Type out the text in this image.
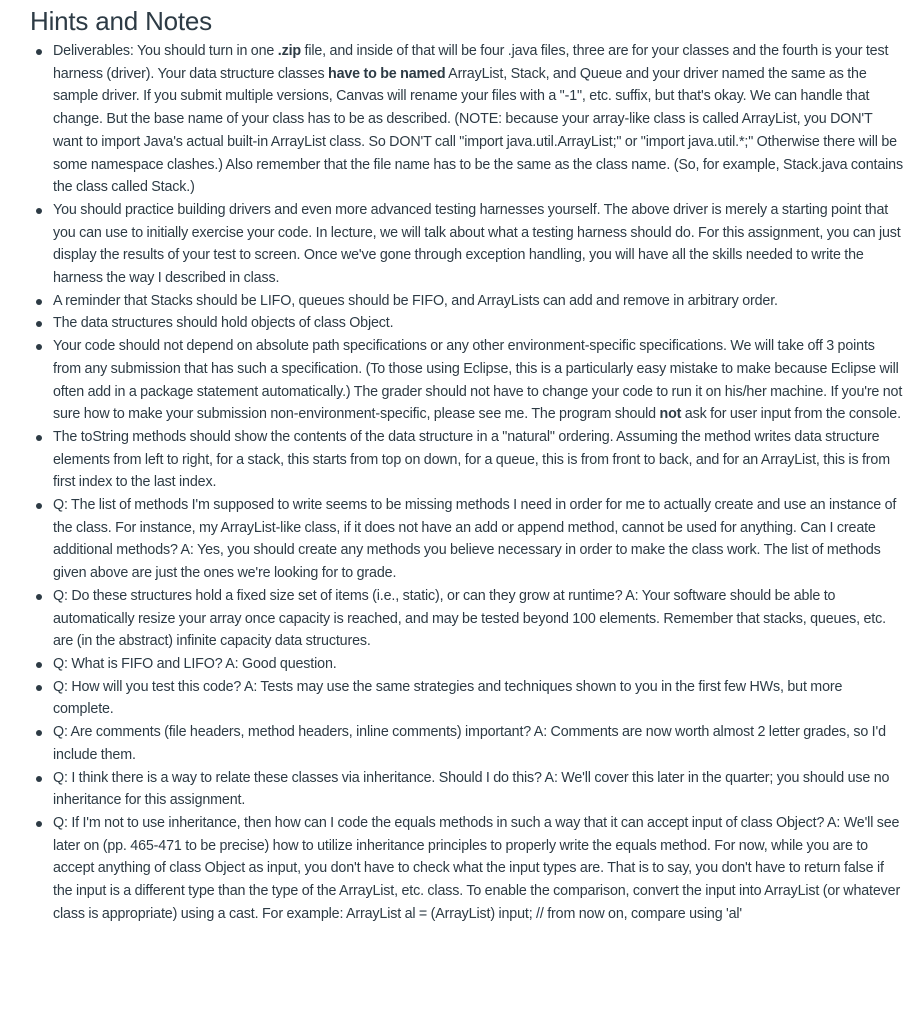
Hints and Notes
Deliverables: You should turn in one .zip file, and inside of that will be four .java files, three are for your classes and the fourth is your test harness (driver). Your data structure classes have to be named ArrayList, Stack, and Queue and your driver named the same as the sample driver. If you submit multiple versions, Canvas will rename your files with a "-1", etc. suffix, but that's okay. We can handle that change. But the base name of your class has to be as described. (NOTE: because your array-like class is called ArrayList, you DON'T want to import Java's actual built-in ArrayList class. So DON'T call "import java.util.ArrayList;" or "import java.util.*;" Otherwise there will be some namespace clashes.) Also remember that the file name has to be the same as the class name. (So, for example, Stack.java contains the class called Stack.)
You should practice building drivers and even more advanced testing harnesses yourself. The above driver is merely a starting point that you can use to initially exercise your code. In lecture, we will talk about what a testing harness should do. For this assignment, you can just display the results of your test to screen. Once we've gone through exception handling, you will have all the skills needed to write the harness the way I described in class.
A reminder that Stacks should be LIFO, queues should be FIFO, and ArrayLists can add and remove in arbitrary order.
The data structures should hold objects of class Object.
Your code should not depend on absolute path specifications or any other environment-specific specifications. We will take off 3 points from any submission that has such a specification. (To those using Eclipse, this is a particularly easy mistake to make because Eclipse will often add in a package statement automatically.) The grader should not have to change your code to run it on his/her machine. If you're not sure how to make your submission non-environment-specific, please see me. The program should not ask for user input from the console.
The toString methods should show the contents of the data structure in a "natural" ordering. Assuming the method writes data structure elements from left to right, for a stack, this starts from top on down, for a queue, this is from front to back, and for an ArrayList, this is from first index to the last index.
Q: The list of methods I'm supposed to write seems to be missing methods I need in order for me to actually create and use an instance of the class. For instance, my ArrayList-like class, if it does not have an add or append method, cannot be used for anything. Can I create additional methods? A: Yes, you should create any methods you believe necessary in order to make the class work. The list of methods given above are just the ones we're looking for to grade.
Q: Do these structures hold a fixed size set of items (i.e., static), or can they grow at runtime? A: Your software should be able to automatically resize your array once capacity is reached, and may be tested beyond 100 elements. Remember that stacks, queues, etc. are (in the abstract) infinite capacity data structures.
Q: What is FIFO and LIFO? A: Good question.
Q: How will you test this code? A: Tests may use the same strategies and techniques shown to you in the first few HWs, but more complete.
Q: Are comments (file headers, method headers, inline comments) important? A: Comments are now worth almost 2 letter grades, so I'd include them.
Q: I think there is a way to relate these classes via inheritance. Should I do this? A: We'll cover this later in the quarter; you should use no inheritance for this assignment.
Q: If I'm not to use inheritance, then how can I code the equals methods in such a way that it can accept input of class Object? A: We'll see later on (pp. 465-471 to be precise) how to utilize inheritance principles to properly write the equals method. For now, while you are to accept anything of class Object as input, you don't have to check what the input types are. That is to say, you don't have to return false if the input is a different type than the type of the ArrayList, etc. class. To enable the comparison, convert the input into ArrayList (or whatever class is appropriate) using a cast. For example: ArrayList al = (ArrayList) input; // from now on, compare using 'al'
